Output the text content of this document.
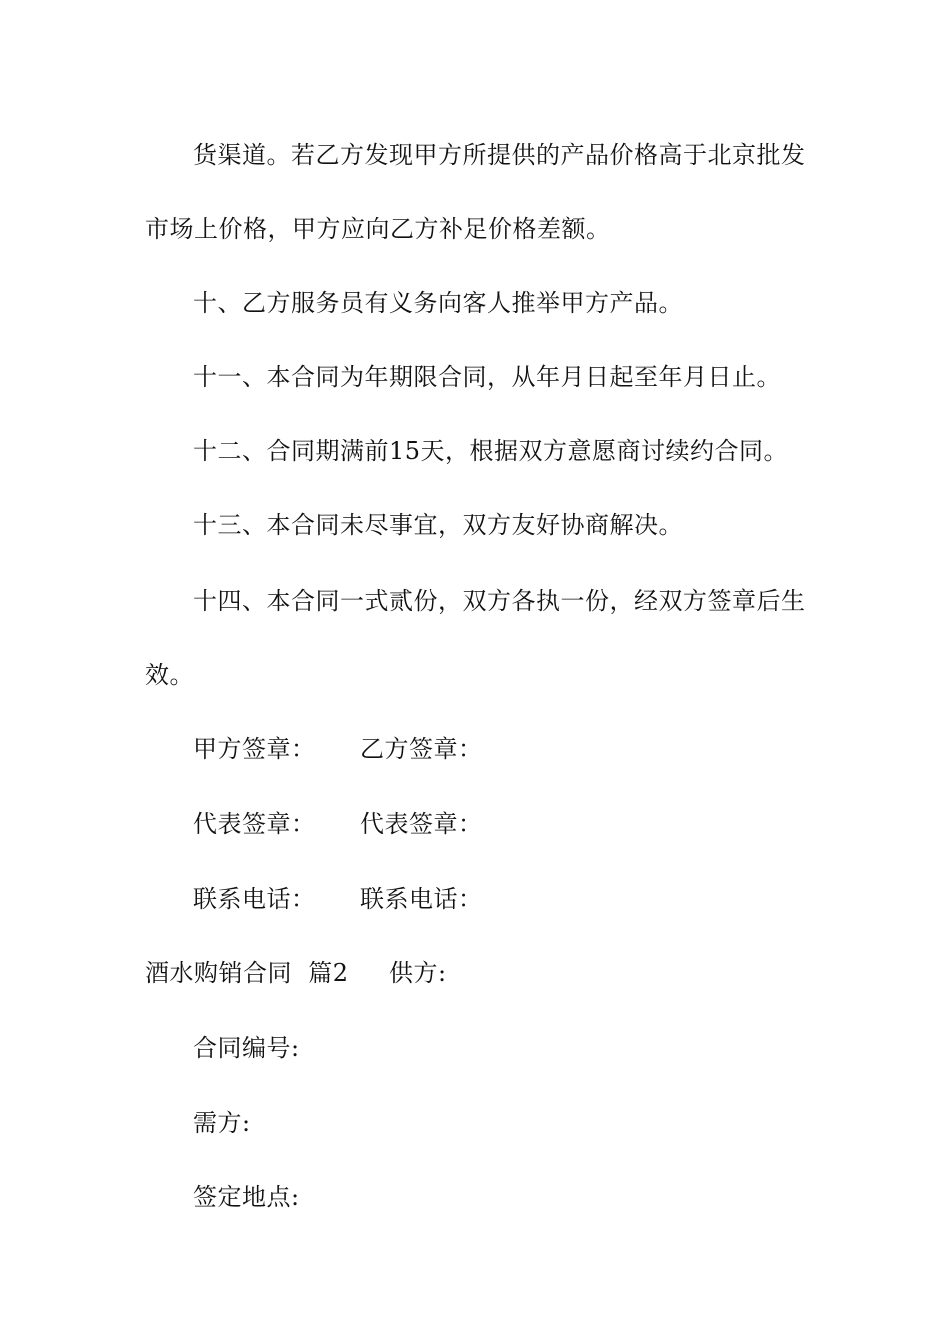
货渠道。若乙方发现甲方所提供的产品价格高于北京批发
市场上价格，甲方应向乙方补足价格差额。
十、乙方服务员有义务向客人推举甲方产品。
十一、本合同为年期限合同，从年月日起至年月日止。
十二、合同期满前15天，根据双方意愿商讨续约合同。
十三、本合同未尽事宜，双方友好协商解决。
十四、本合同一式贰份，双方各执一份，经双方签章后生
效。
甲方签章： 乙方签章：
代表签章： 代表签章：
联系电话： 联系电话：
酒水购销合同  篇2 供方:
合同编号:
需方:
签定地点:
